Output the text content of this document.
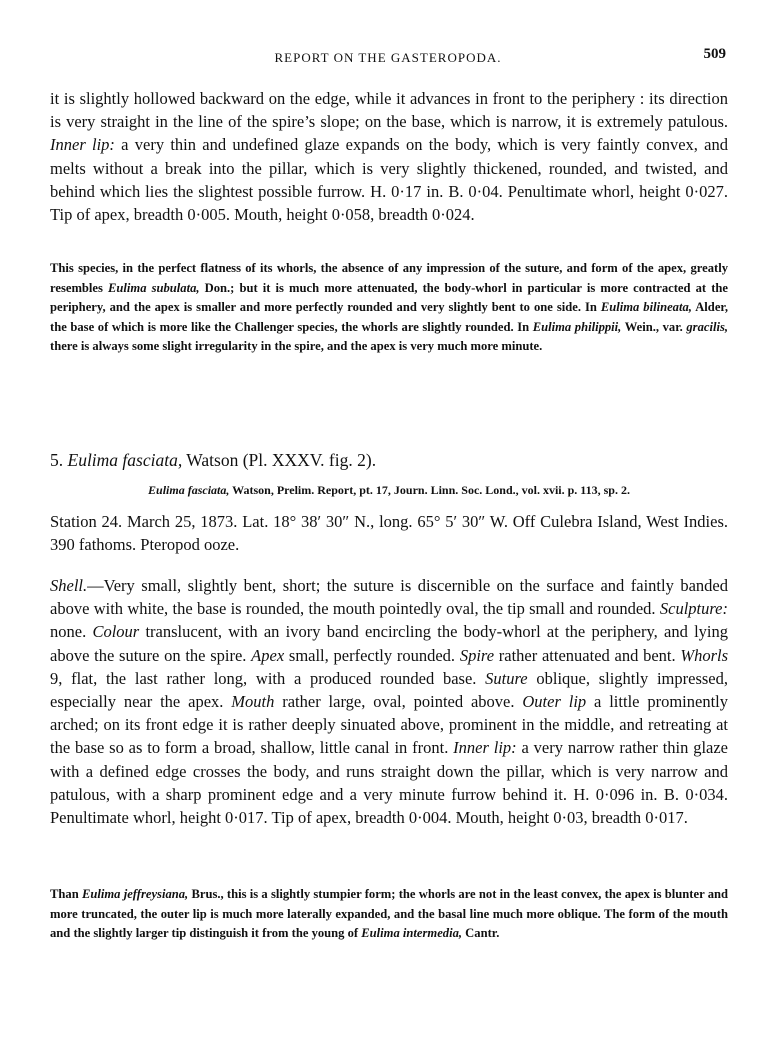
REPORT ON THE GASTEROPODA.	509

it is slightly hollowed backward on the edge, while it advances in front to the periphery : its direction is very straight in the line of the spire’s slope; on the base, which is narrow, it is extremely patulous. Inner lip: a very thin and undefined glaze expands on the body, which is very faintly convex, and melts without a break into the pillar, which is very slightly thickened, rounded, and twisted, and behind which lies the slightest possible furrow. H. 0·17 in. B. 0·04. Penultimate whorl, height 0·027. Tip of apex, breadth 0·005. Mouth, height 0·058, breadth 0·024.

This species, in the perfect flatness of its whorls, the absence of any impression of the suture, and form of the apex, greatly resembles Eulima subulata, Don.; but it is much more attenuated, the body-whorl in particular is more contracted at the periphery, and the apex is smaller and more perfectly rounded and very slightly bent to one side. In Eulima bilineata, Alder, the base of which is more like the Challenger species, the whorls are slightly rounded. In Eulima philippii, Wein., var. gracilis, there is always some slight irregularity in the spire, and the apex is very much more minute.

5. Eulima fasciata, Watson (Pl. XXXV. fig. 2).

Eulima fasciata, Watson, Prelim. Report, pt. 17, Journ. Linn. Soc. Lond., vol. xvii. p. 113, sp. 2.

Station 24. March 25, 1873. Lat. 18° 38′ 30″ N., long. 65° 5′ 30″ W. Off Culebra Island, West Indies. 390 fathoms. Pteropod ooze.

Shell.—Very small, slightly bent, short; the suture is discernible on the surface and faintly banded above with white, the base is rounded, the mouth pointedly oval, the tip small and rounded. Sculpture: none. Colour translucent, with an ivory band encircling the body-whorl at the periphery, and lying above the suture on the spire. Apex small, perfectly rounded. Spire rather attenuated and bent. Whorls 9, flat, the last rather long, with a produced rounded base. Suture oblique, slightly impressed, especially near the apex. Mouth rather large, oval, pointed above. Outer lip a little prominently arched; on its front edge it is rather deeply sinuated above, prominent in the middle, and retreating at the base so as to form a broad, shallow, little canal in front. Inner lip: a very narrow rather thin glaze with a defined edge crosses the body, and runs straight down the pillar, which is very narrow and patulous, with a sharp prominent edge and a very minute furrow behind it. H. 0·096 in. B. 0·034. Penultimate whorl, height 0·017. Tip of apex, breadth 0·004. Mouth, height 0·03, breadth 0·017.

Than Eulima jeffreysiana, Brus., this is a slightly stumpier form; the whorls are not in the least convex, the apex is blunter and more truncated, the outer lip is much more laterally expanded, and the basal line much more oblique. The form of the mouth and the slightly larger tip distinguish it from the young of Eulima intermedia, Cantr.
